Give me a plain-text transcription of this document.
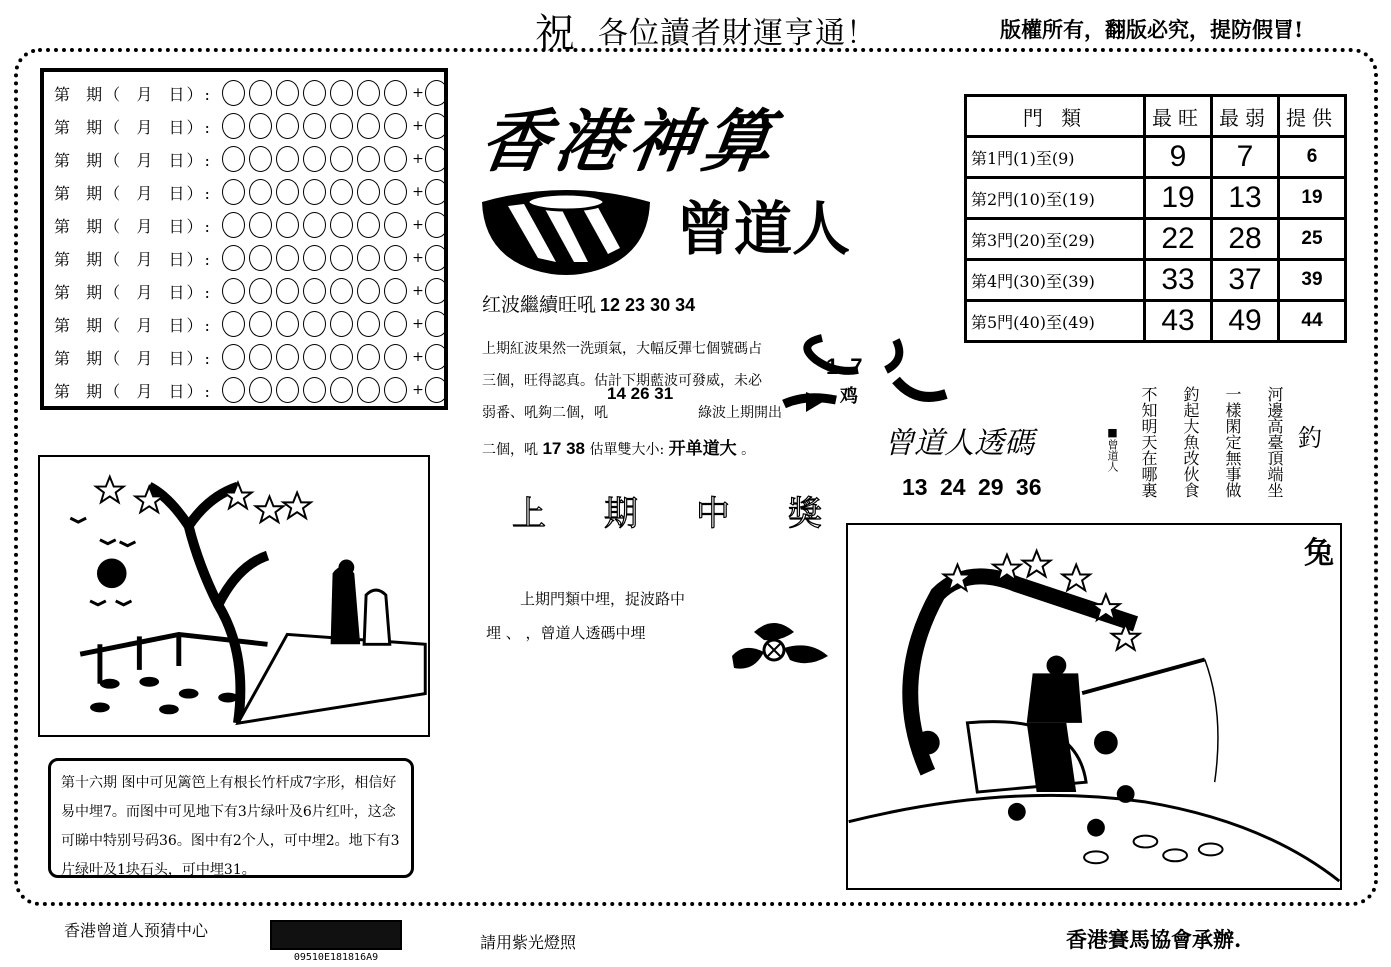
祝 各位讀者財運亨通！	版權所有，翻版必究，提防假冒!
第  期（  月  日）:	+
第  期（  月  日）:	+
第  期（  月  日）:	+
第  期（  月  日）:	+
第  期（  月  日）:	+
第  期（  月  日）:	+
第  期（  月  日）:	+
第  期（  月  日）:	+
第  期（  月  日）:	+
第  期（  月  日）:	+
香港神算
曾道人
红波繼續旺吼 12 23 30 34
上期紅波果然一洗頭氣，大幅反彈七個號碼占
三個，旺得認真。估計下期藍波可發威，未必
14 26 31
弱番、吼夠二個，吼	綠波上期開出
二個，吼 17 38 估單雙大小: 开单道大 。
上期中獎
上期門類中埋，捉波路中
埋 、 ，曾道人透碼中埋
17
鸡
曾道人透碼
13 24 29 36
門 類	最旺	最弱	提供
第1門(1)至(9)	9	7	6
第2門(10)至(19)	19	13	19
第3門(20)至(29)	22	28	25
第4門(30)至(39)	33	37	39
第5門(40)至(49)	43	49	44
河邊高臺頂端坐
一樣閑定無事做
釣起大魚改伙食
不知明天在哪裏
■曾道人	釣
兔
第十六期 图中可见篱笆上有根长竹杆成7字形，相信好易中埋7。而图中可见地下有3片绿叶及6片红叶，这念可睇中特别号码36。图中有2个人，可中埋2。地下有3片绿叶及1块石头，可中埋31。
香港曾道人预猜中心
09510E181816A9
請用紫光燈照	香港賽馬協會承辦.
